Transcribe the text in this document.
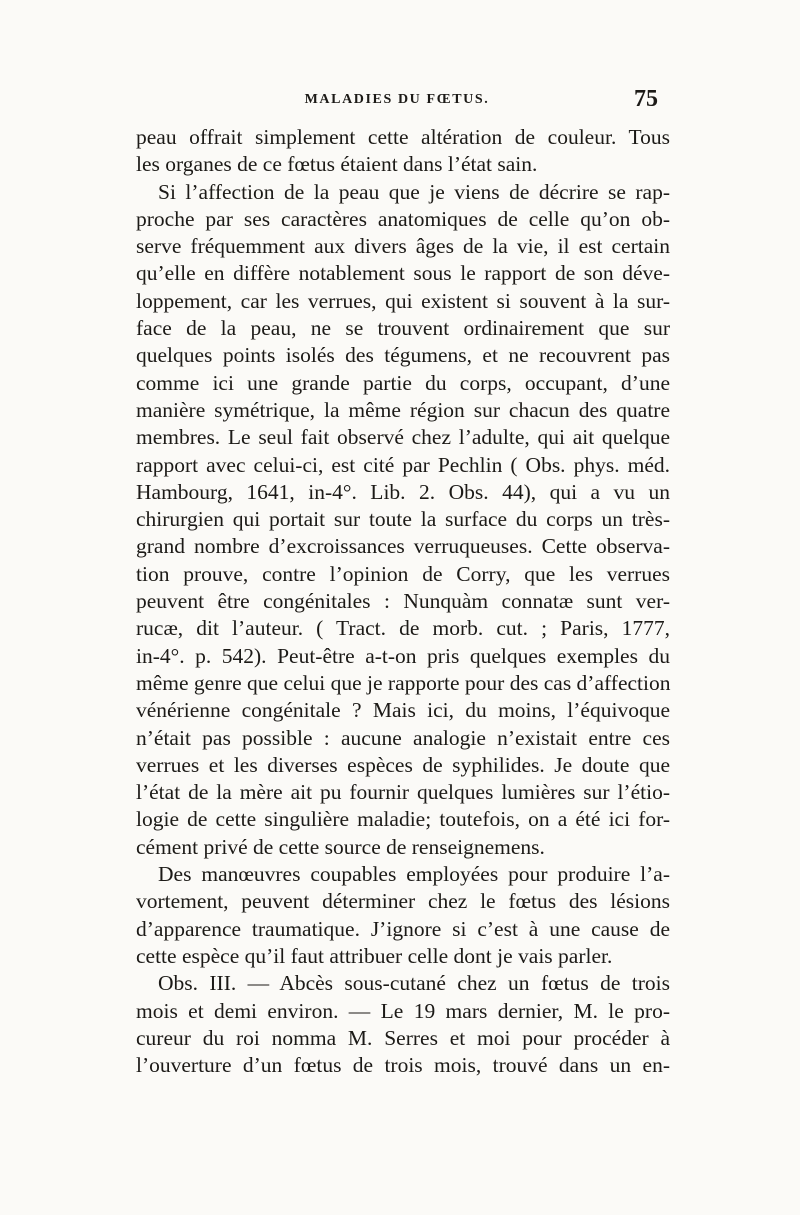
MALADIES DU FŒTUS.	75
peau offrait simplement cette altération de couleur. Tous
les organes de ce fœtus étaient dans l’état sain.
Si l’affection de la peau que je viens de décrire se rap-
proche par ses caractères anatomiques de celle qu’on ob-
serve fréquemment aux divers âges de la vie, il est certain
qu’elle en diffère notablement sous le rapport de son déve-
loppement, car les verrues, qui existent si souvent à la sur-
face de la peau, ne se trouvent ordinairement que sur
quelques points isolés des tégumens, et ne recouvrent pas
comme ici une grande partie du corps, occupant, d’une
manière symétrique, la même région sur chacun des quatre
membres. Le seul fait observé chez l’adulte, qui ait quelque
rapport avec celui-ci, est cité par Pechlin ( Obs. phys. méd.
Hambourg, 1641, in-4°. Lib. 2. Obs. 44), qui a vu un
chirurgien qui portait sur toute la surface du corps un très-
grand nombre d’excroissances verruqueuses. Cette observa-
tion prouve, contre l’opinion de Corry, que les verrues
peuvent être congénitales : Nunquàm connatæ sunt ver-
rucæ, dit l’auteur. ( Tract. de morb. cut. ; Paris, 1777,
in-4°. p. 542). Peut-être a-t-on pris quelques exemples du
même genre que celui que je rapporte pour des cas d’affection
vénérienne congénitale ? Mais ici, du moins, l’équivoque
n’était pas possible : aucune analogie n’existait entre ces
verrues et les diverses espèces de syphilides. Je doute que
l’état de la mère ait pu fournir quelques lumières sur l’étio-
logie de cette singulière maladie; toutefois, on a été ici for-
cément privé de cette source de renseignemens.
Des manœuvres coupables employées pour produire l’a-
vortement, peuvent déterminer chez le fœtus des lésions
d’apparence traumatique. J’ignore si c’est à une cause de
cette espèce qu’il faut attribuer celle dont je vais parler.
Obs. III. — Abcès sous-cutané chez un fœtus de trois
mois et demi environ. — Le 19 mars dernier, M. le pro-
cureur du roi nomma M. Serres et moi pour procéder à
l’ouverture d’un fœtus de trois mois, trouvé dans un en-
